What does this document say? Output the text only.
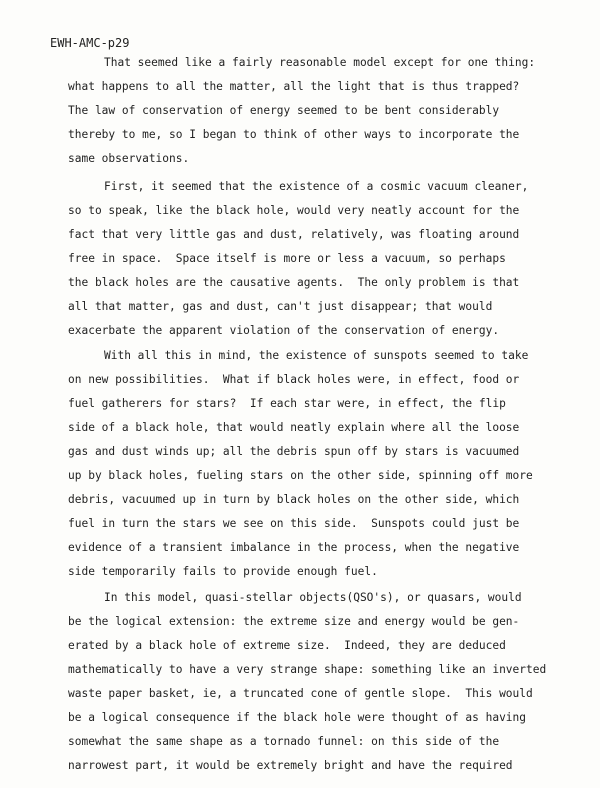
EWH-AMC-p29
That seemed like a fairly reasonable model except for one thing:
what happens to all the matter, all the light that is thus trapped?
The law of conservation of energy seemed to be bent considerably
thereby to me, so I began to think of other ways to incorporate the
same observations.
First, it seemed that the existence of a cosmic vacuum cleaner,
so to speak, like the black hole, would very neatly account for the
fact that very little gas and dust, relatively, was floating around
free in space.  Space itself is more or less a vacuum, so perhaps
the black holes are the causative agents.  The only problem is that
all that matter, gas and dust, can't just disappear; that would
exacerbate the apparent violation of the conservation of energy.
With all this in mind, the existence of sunspots seemed to take
on new possibilities.  What if black holes were, in effect, food or
fuel gatherers for stars?  If each star were, in effect, the flip
side of a black hole, that would neatly explain where all the loose
gas and dust winds up; all the debris spun off by stars is vacuumed
up by black holes, fueling stars on the other side, spinning off more
debris, vacuumed up in turn by black holes on the other side, which
fuel in turn the stars we see on this side.  Sunspots could just be
evidence of a transient imbalance in the process, when the negative
side temporarily fails to provide enough fuel.
In this model, quasi-stellar objects(QSO's), or quasars, would
be the logical extension: the extreme size and energy would be gen-
erated by a black hole of extreme size.  Indeed, they are deduced
mathematically to have a very strange shape: something like an inverted
waste paper basket, ie, a truncated cone of gentle slope.  This would
be a logical consequence if the black hole were thought of as having
somewhat the same shape as a tornado funnel: on this side of the
narrowest part, it would be extremely bright and have the required
